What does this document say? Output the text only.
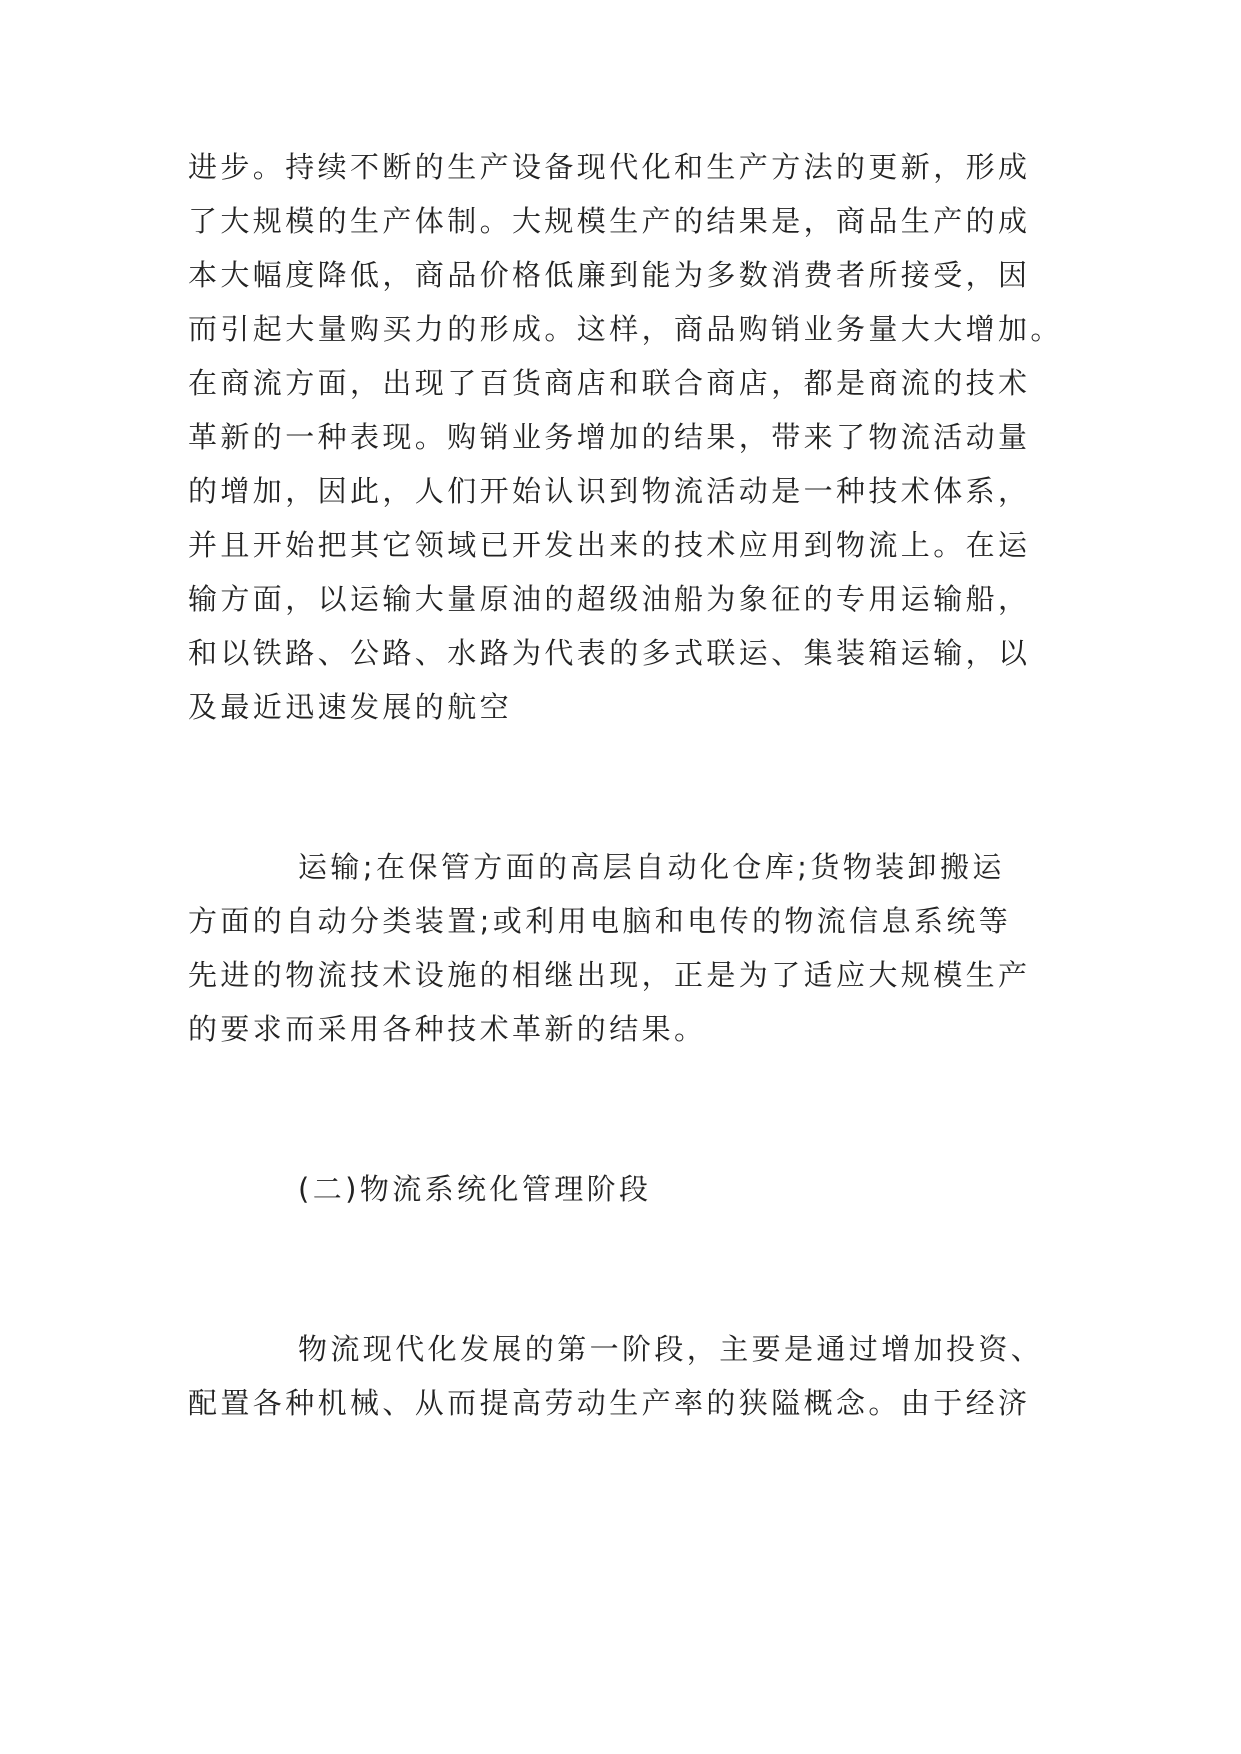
进步。持续不断的生产设备现代化和生产方法的更新，形成

了大规模的生产体制。大规模生产的结果是，商品生产的成

本大幅度降低，商品价格低廉到能为多数消费者所接受，因

而引起大量购买力的形成。这样，商品购销业务量大大增加。

在商流方面，出现了百货商店和联合商店，都是商流的技术

革新的一种表现。购销业务增加的结果，带来了物流活动量

的增加，因此，人们开始认识到物流活动是一种技术体系，

并且开始把其它领域已开发出来的技术应用到物流上。在运

输方面，以运输大量原油的超级油船为象征的专用运输船，

和以铁路、公路、水路为代表的多式联运、集装箱运输，以

及最近迅速发展的航空

运输;在保管方面的高层自动化仓库;货物装卸搬运

方面的自动分类装置;或利用电脑和电传的物流信息系统等

先进的物流技术设施的相继出现，正是为了适应大规模生产

的要求而采用各种技术革新的结果。

(二)物流系统化管理阶段

物流现代化发展的第一阶段，主要是通过增加投资、

配置各种机械、从而提高劳动生产率的狭隘概念。由于经济
